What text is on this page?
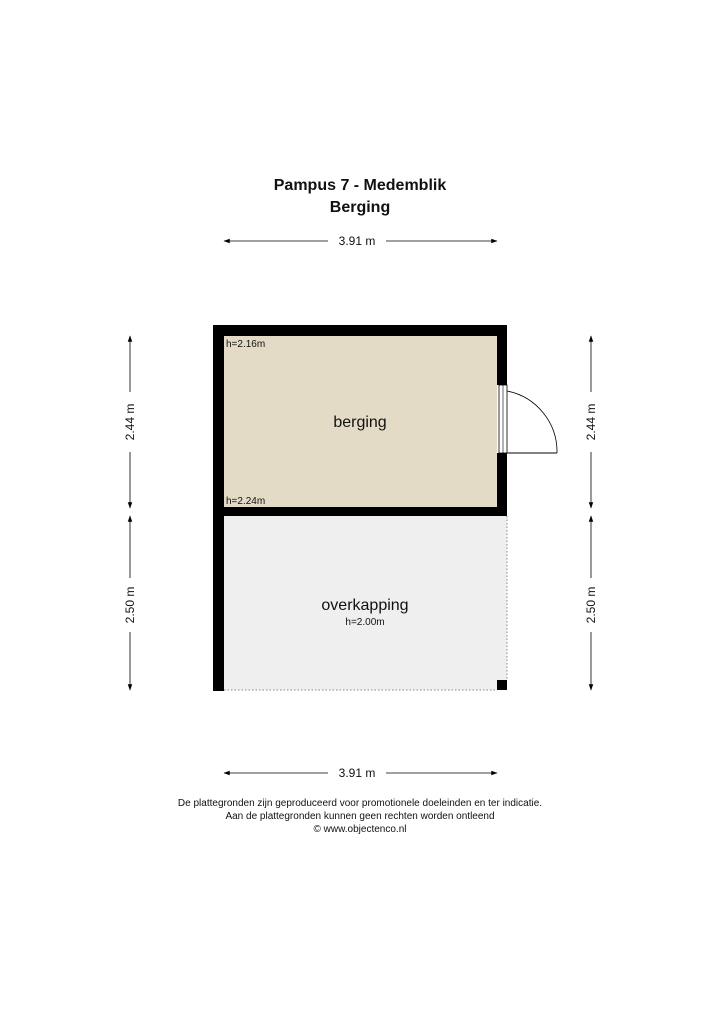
Pampus 7 - Medemblik
Berging
berging
h=2.16m
h=2.24m
overkapping
h=2.00m
3.91 m
3.91 m
2.44 m
2.50 m
2.44 m
2.50 m
De plattegronden zijn geproduceerd voor promotionele doeleinden en ter indicatie.
Aan de plattegronden kunnen geen rechten worden ontleend
© www.objectenco.nl
